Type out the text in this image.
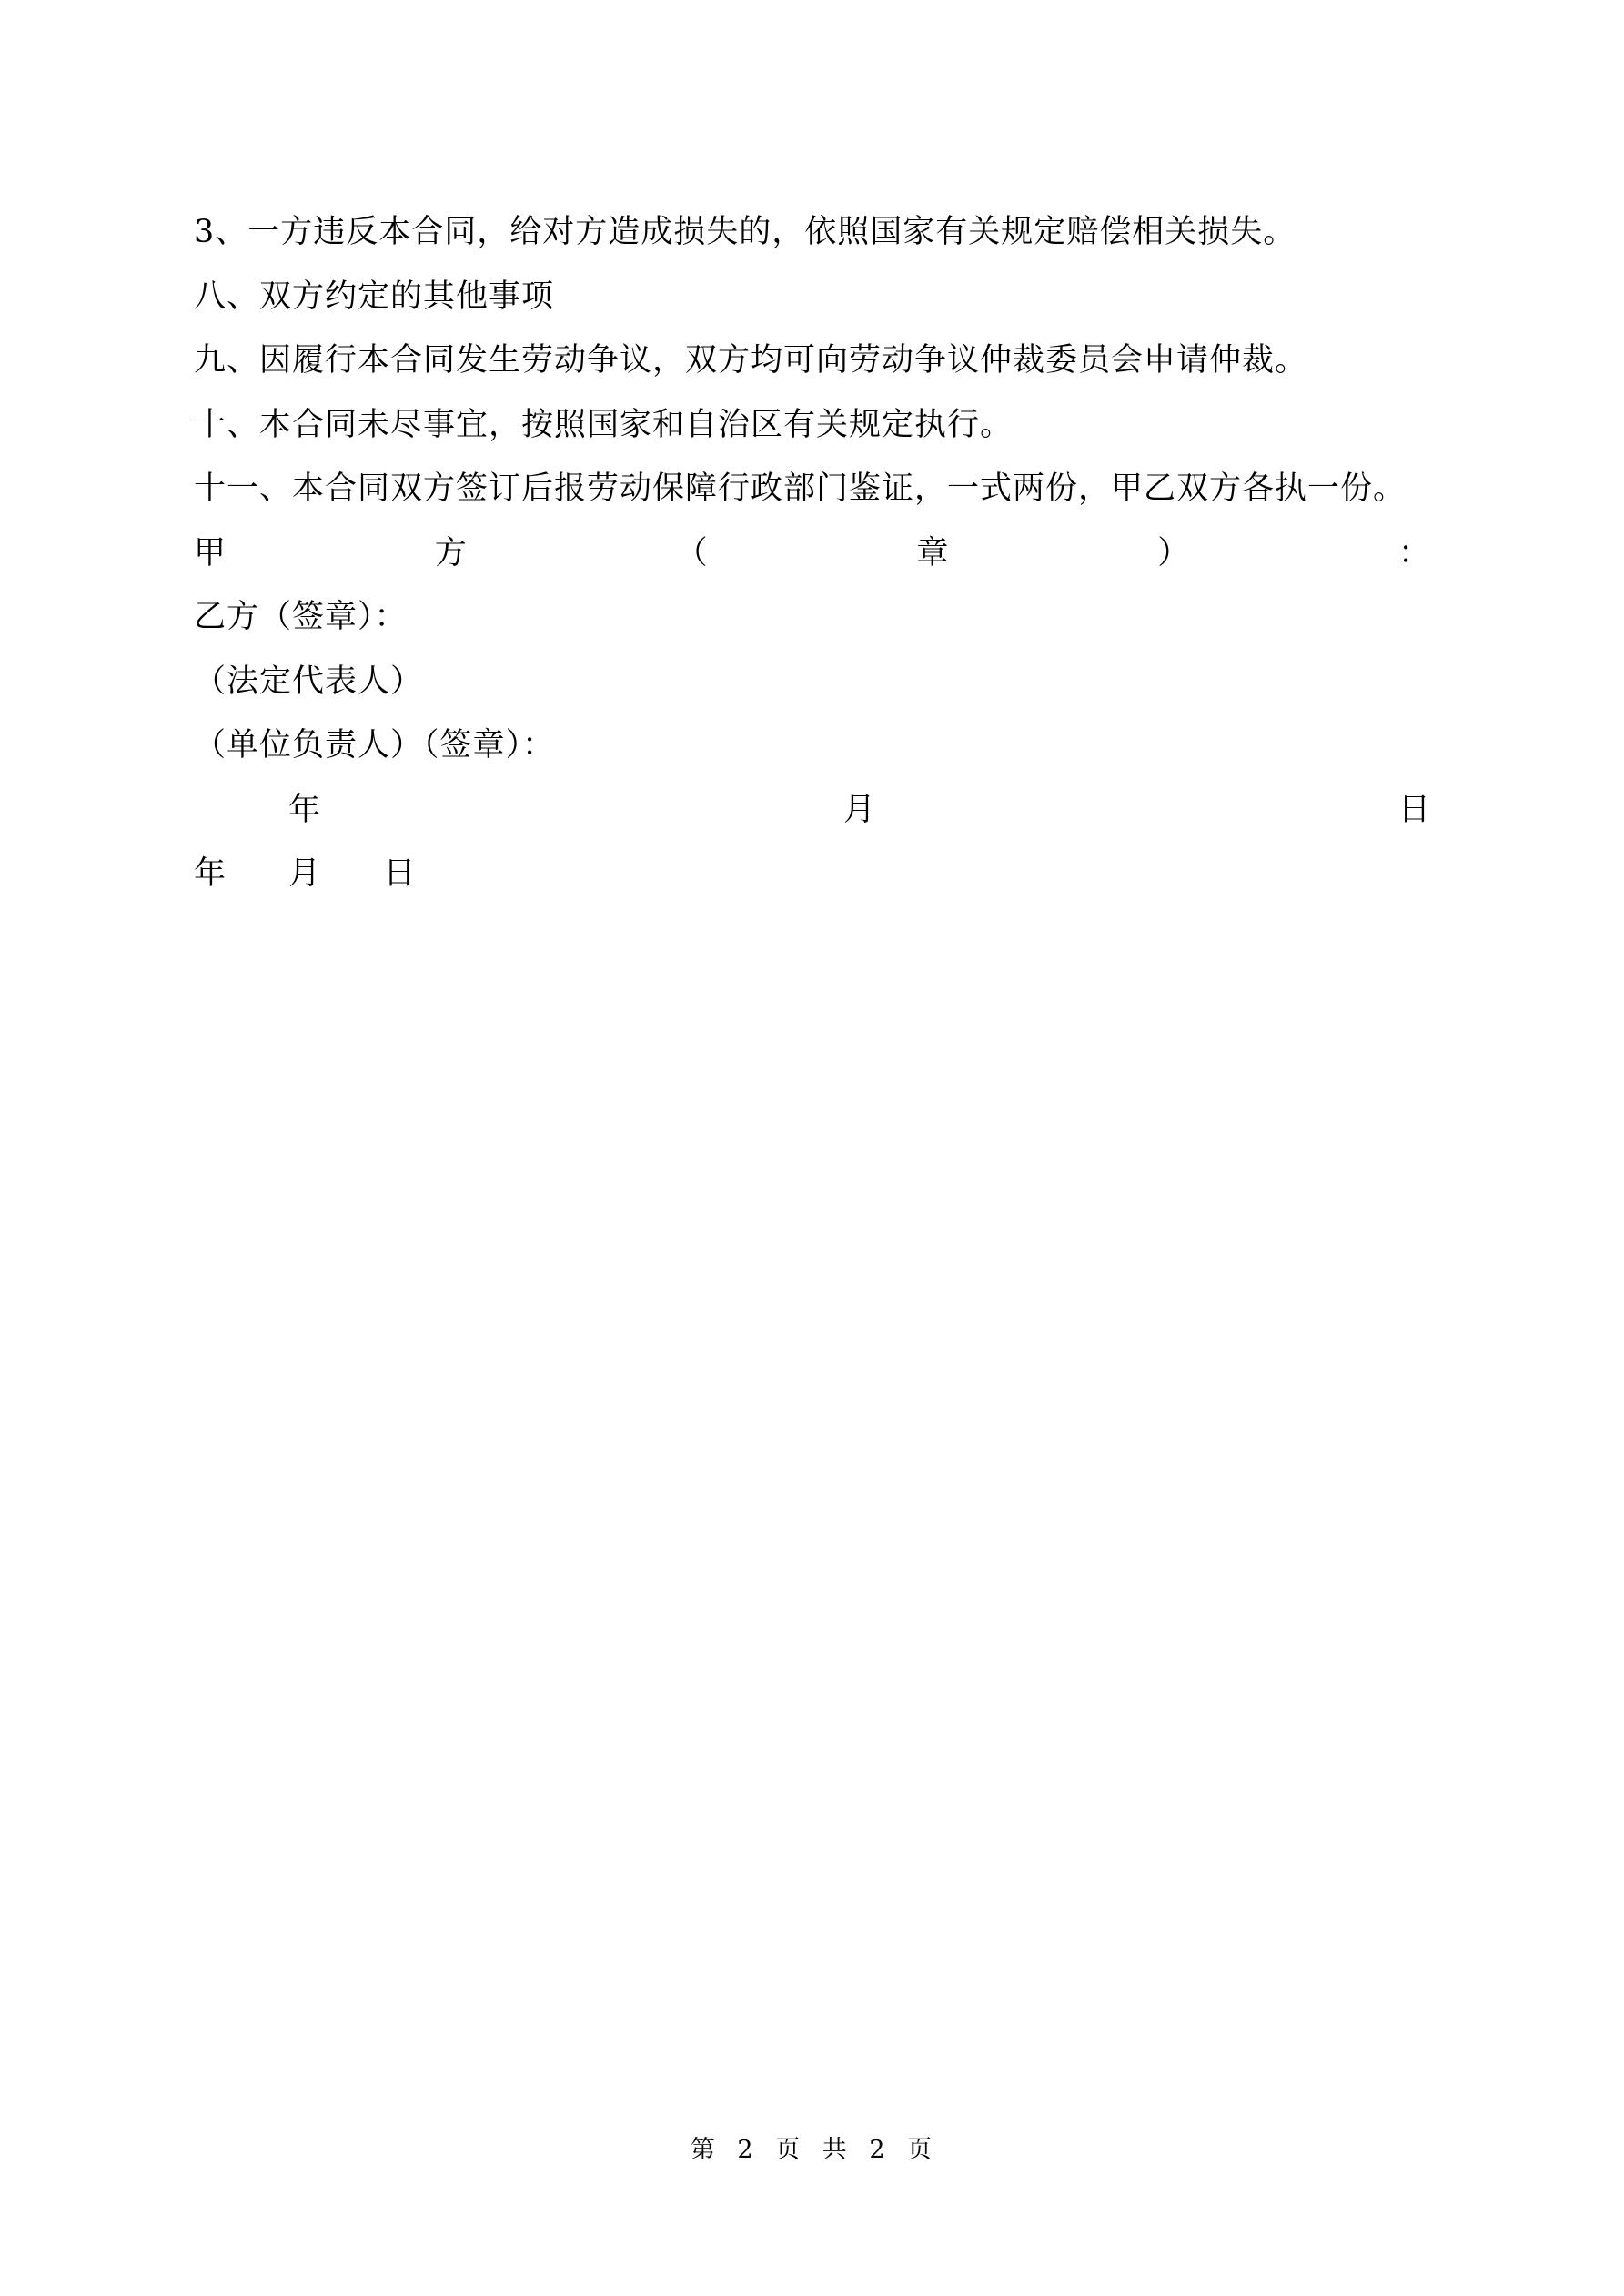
3、一方违反本合同，给对方造成损失的，依照国家有关规定赔偿相关损失。
八、双方约定的其他事项
九、因履行本合同发生劳动争议，双方均可向劳动争议仲裁委员会申请仲裁。
十、本合同未尽事宜，按照国家和自治区有关规定执行。
十一、本合同双方签订后报劳动保障行政部门鉴证，一式两份，甲乙双方各执一份。
甲	方	（	章	）	：
乙方（签章）：
（法定代表人）
（单位负责人）（签章）：
年	月	日
年 月 日
第 2 页 共 2 页
